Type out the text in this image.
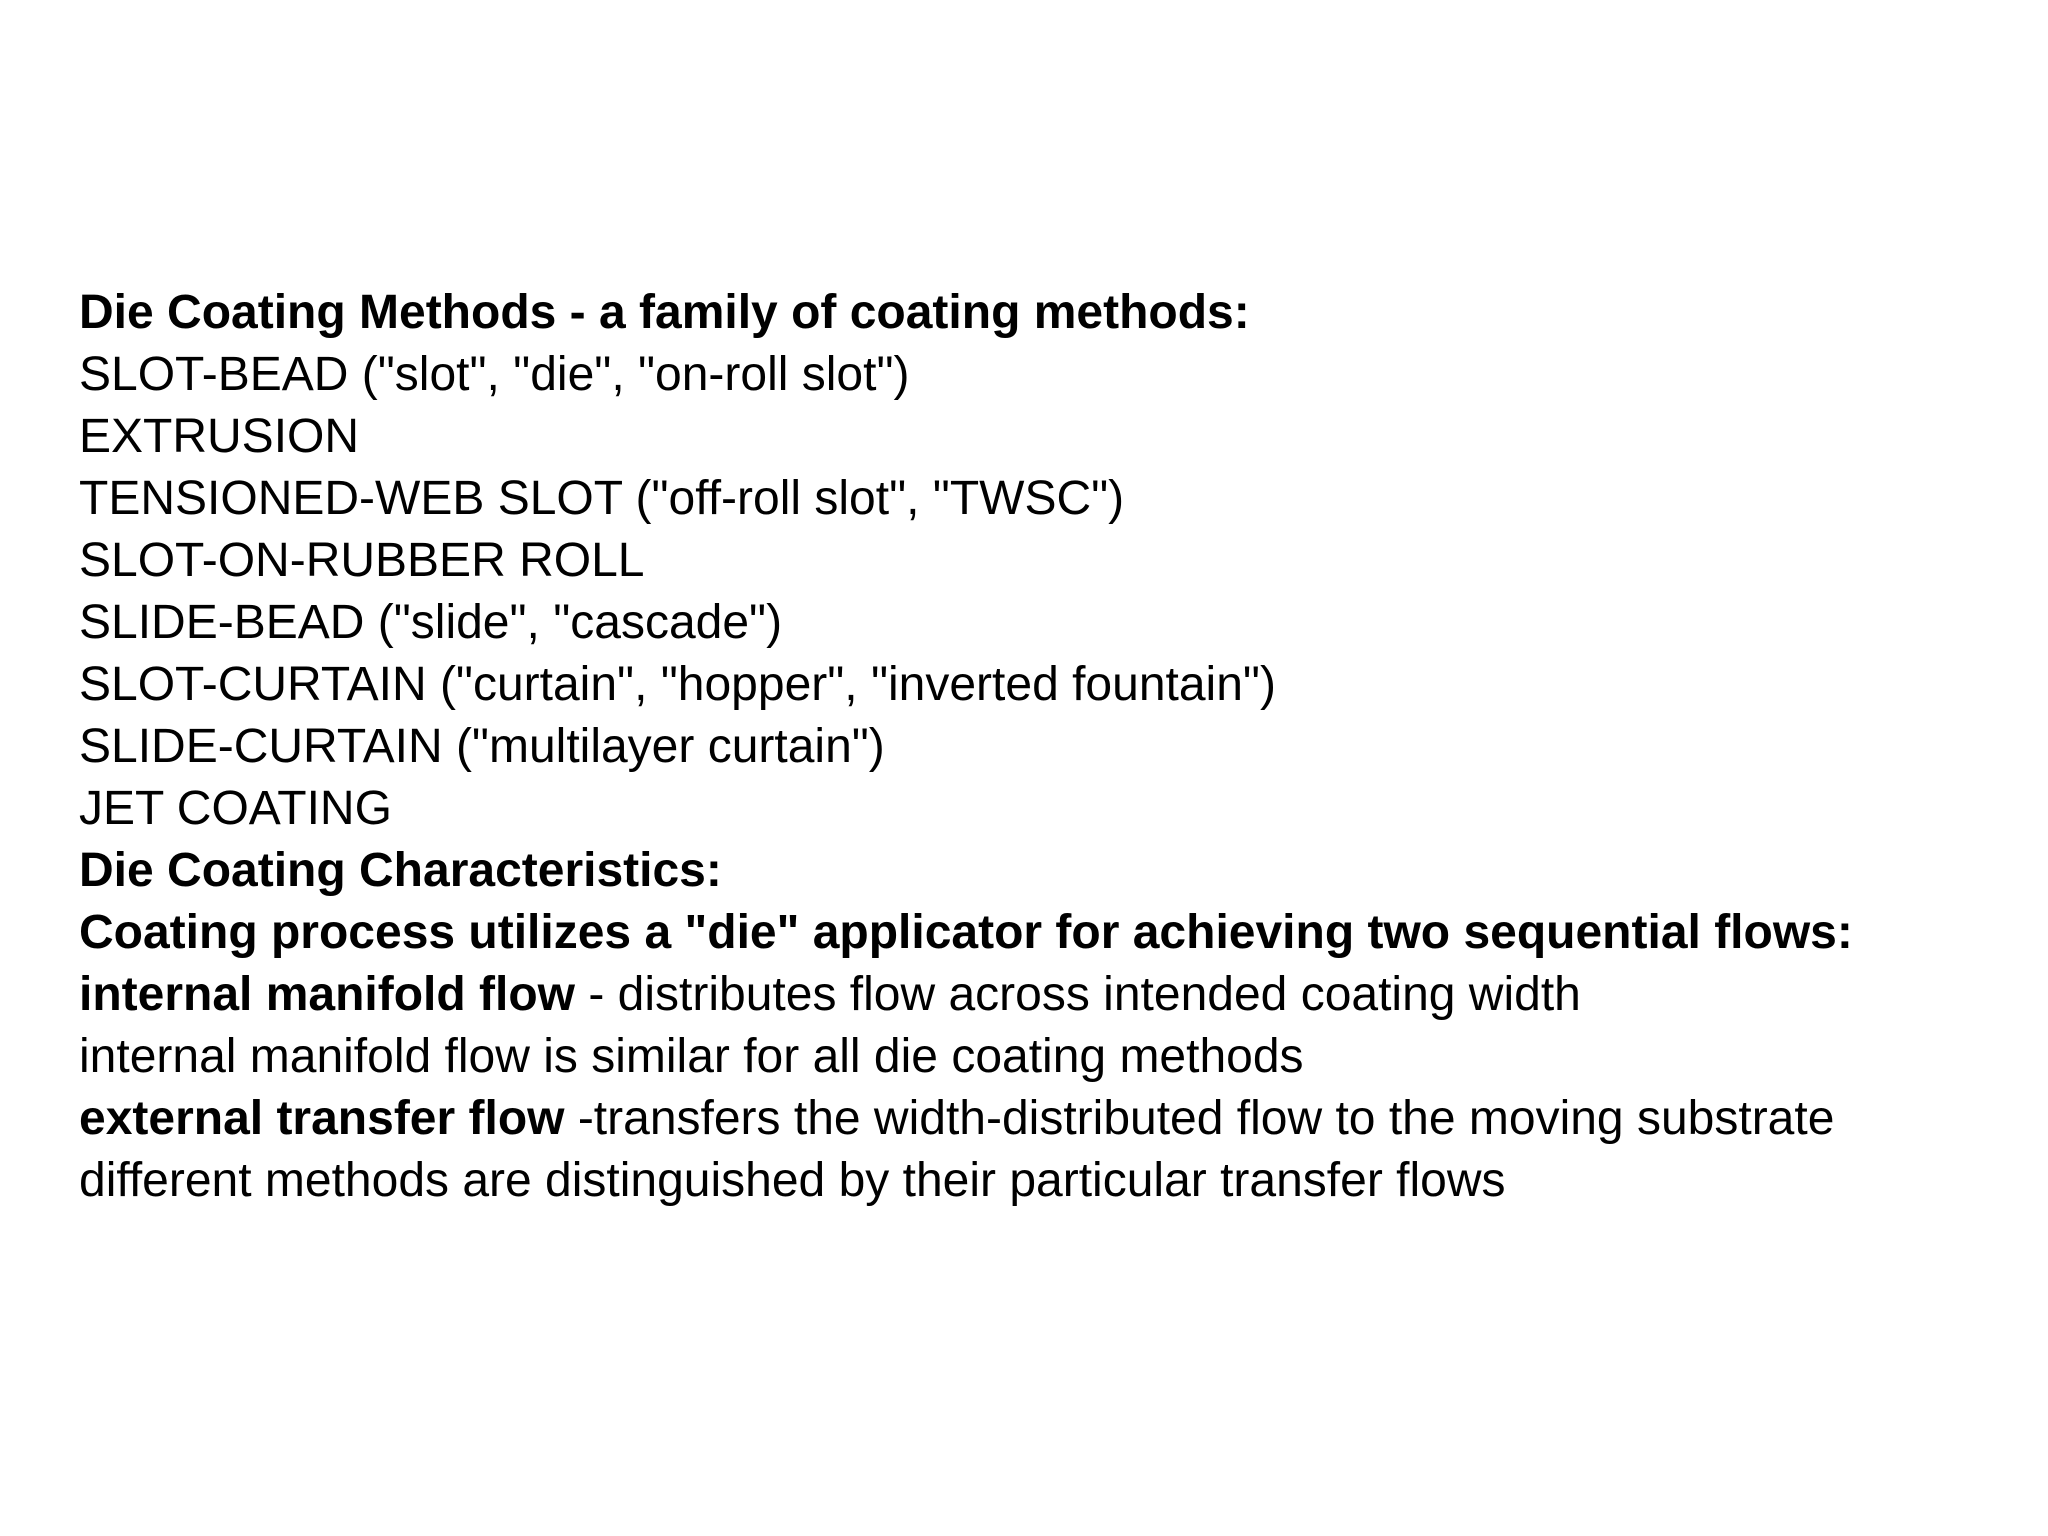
Die Coating Methods - a family of coating methods:

SLOT-BEAD ("slot", "die", "on-roll slot")

EXTRUSION

TENSIONED-WEB SLOT ("off-roll slot", "TWSC")

SLOT-ON-RUBBER ROLL

SLIDE-BEAD ("slide", "cascade")

SLOT-CURTAIN ("curtain", "hopper", "inverted fountain")

SLIDE-CURTAIN ("multilayer curtain")

JET COATING

Die Coating Characteristics:

Coating process utilizes a "die" applicator for achieving two sequential flows:

internal manifold flow - distributes flow across intended coating width

internal manifold flow is similar for all die coating methods

external transfer flow -transfers the width-distributed flow to the moving substrate

different methods are distinguished by their particular transfer flows
